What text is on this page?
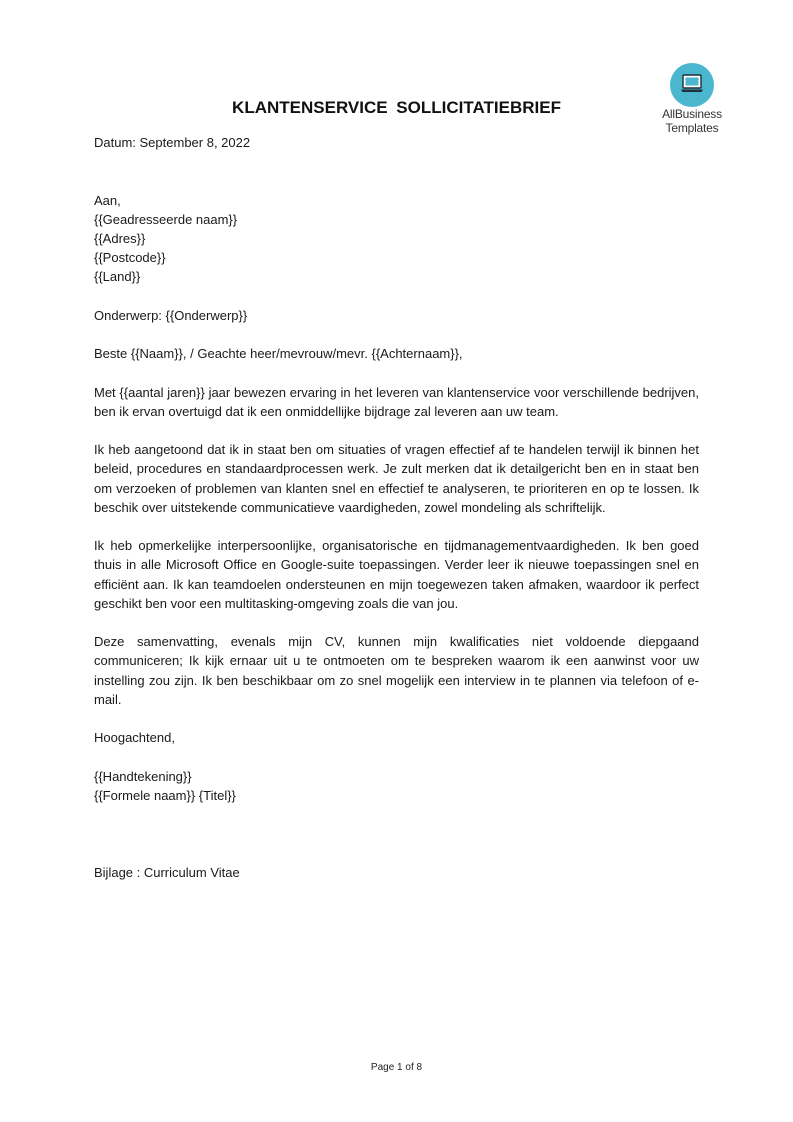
AllBusiness
Templates
KLANTENSERVICE SOLLICITATIEBRIEF

Datum: September 8, 2022

Aan,

{{Geadresseerde naam}}

{{Adres}}

{{Postcode}}

{{Land}}

Onderwerp: {{Onderwerp}}

Beste {{Naam}}, / Geachte heer/mevrouw/mevr. {{Achternaam}},

Met {{aantal jaren}} jaar bewezen ervaring in het leveren van klantenservice voor verschillende bedrijven, ben ik ervan overtuigd dat ik een onmiddellijke bijdrage zal leveren aan uw team.

Ik heb aangetoond dat ik in staat ben om situaties of vragen effectief af te handelen terwijl ik binnen het beleid, procedures en standaardprocessen werk. Je zult merken dat ik detailgericht ben en in staat ben om verzoeken of problemen van klanten snel en effectief te analyseren, te prioriteren en op te lossen. Ik beschik over uitstekende communicatieve vaardigheden, zowel mondeling als schriftelijk.

Ik heb opmerkelijke interpersoonlijke, organisatorische en tijdmanagementvaardigheden. Ik ben goed thuis in alle Microsoft Office en Google-suite toepassingen. Verder leer ik nieuwe toepassingen snel en efficiënt aan. Ik kan teamdoelen ondersteunen en mijn toegewezen taken afmaken, waardoor ik perfect geschikt ben voor een multitasking-omgeving zoals die van jou.

Deze samenvatting, evenals mijn CV, kunnen mijn kwalificaties niet voldoende diepgaand communiceren; Ik kijk ernaar uit u te ontmoeten om te bespreken waarom ik een aanwinst voor uw instelling zou zijn. Ik ben beschikbaar om zo snel mogelijk een interview in te plannen via telefoon of e-mail.

Hoogachtend,

{{Handtekening}}

{{Formele naam}} {Titel}}

Bijlage : Curriculum Vitae

Page 1 of 8
